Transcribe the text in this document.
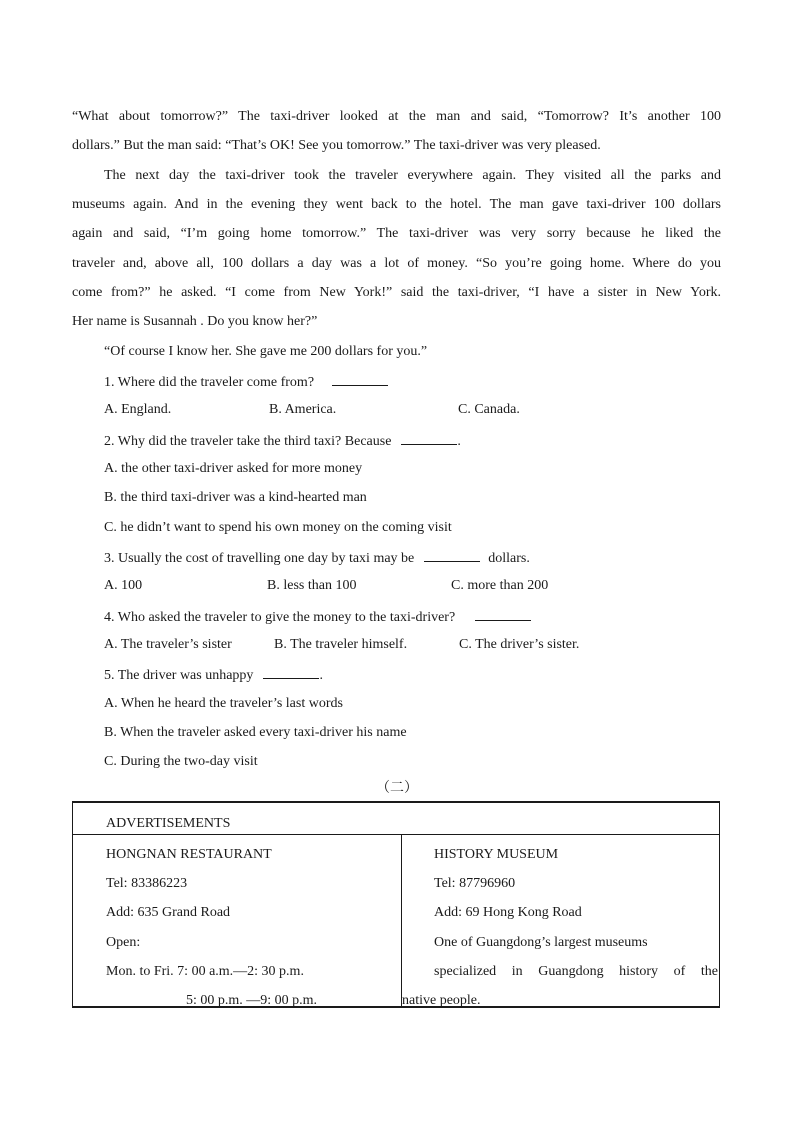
“What about tomorrow?” The taxi-driver looked at the man and said, “Tomorrow? It’s another 100
dollars.” But the man said: “That’s OK! See you tomorrow.” The taxi-driver was very pleased.
The next day the taxi-driver took the traveler everywhere again. They visited all the parks and
museums again. And in the evening they went back to the hotel. The man gave taxi-driver 100 dollars
again and said, “I’m going home tomorrow.” The taxi-driver was very sorry because he liked the
traveler and, above all, 100 dollars a day was a lot of money. “So you’re going home. Where do you
come from?” he asked. “I come from New York!” said the taxi-driver, “I have a sister in New York.
Her name is Susannah . Do you know her?”
“Of course I know her. She gave me 200 dollars for you.”
1. Where did the traveler come from?
A. England.	B. America.	C. Canada.
2. Why did the traveler take the third taxi? Because	.
A. the other taxi-driver asked for more money
B. the third taxi-driver was a kind-hearted man
C. he didn’t want to spend his own money on the coming visit
3. Usually the cost of travelling one day by taxi may be	dollars.
A. 100	B. less than 100	C. more than 200
4. Who asked the traveler to give the money to the taxi-driver?
A. The traveler’s sister	B. The traveler himself.	C. The driver’s sister.
5. The driver was unhappy	.
A. When he heard the traveler’s last words
B. When the traveler asked every taxi-driver his name
C. During the two-day visit
（二）
ADVERTISEMENTS
HONGNAN RESTAURANT
Tel: 83386223
Add: 635 Grand Road
Open:
Mon. to Fri. 7: 00 a.m.—2: 30 p.m.
5: 00 p.m. —9: 00 p.m.
HISTORY MUSEUM
Tel: 87796960
Add: 69 Hong Kong Road
One of Guangdong’s largest museums
specialized in Guangdong history of the
native people.
